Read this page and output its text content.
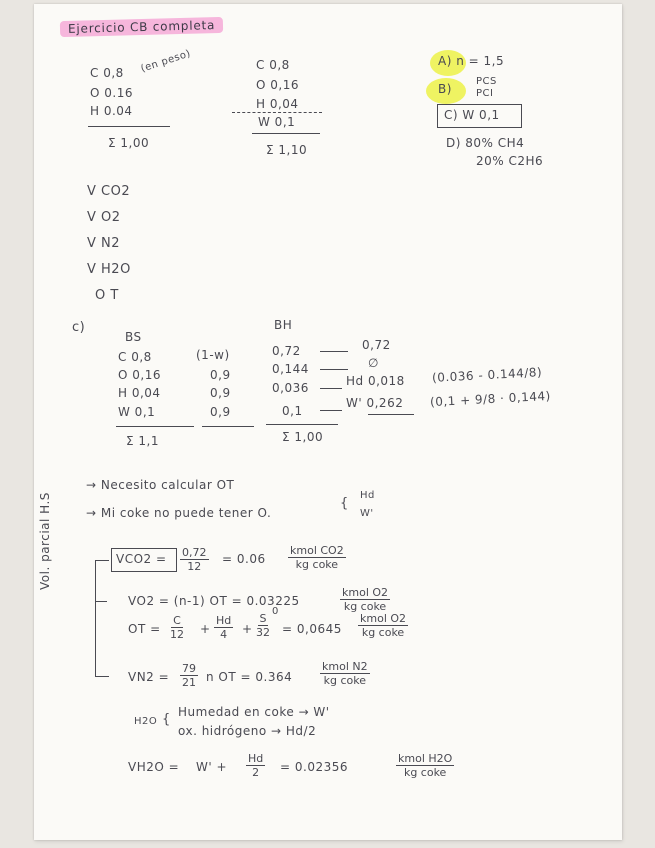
Ejercicio CB completa
C 0,8 (en peso)
O 0.16
H 0.04
Σ 1,00
C 0,8
O 0,16
H 0,04
W 0,1
Σ 1,10
A) n = 1,5
B)
PCS
PCI
C) W 0,1
D) 80% CH4
20% C2H6
V CO2
V O2
V N2
V H2O
O T
c)
BS
BH
C 0,8
O 0,16
H 0,04
W 0,1
Σ 1,1
(1-w)
0,9
0,9
0,9
0,72
0,144
0,036
0,1
Σ 1,00
0,72
∅
Hd 0,018
W' 0,262
(0.036 - 0.144/8)
(0,1 + 9/8 · 0,144)
→ Necesito calcular OT
→ Mi coke no puede tener O.
{
Hd
W'
Vol. parcial H.S	$VCO2 = \frac{0,72}{12} = 0.06$
kmol CO2
kg coke
VO2 = (n-1) OT = 0.03225
kmol O2
kg coke
OT = $\frac{C}{12} + \frac{Hd}{4} + \frac{S}{32}$
0
= 0,0645
kmol O2
kg coke
$VN2 = \frac{79}{21}$ n OT = 0.364
kmol N2
kg coke
H2O { Humedad en coke → W'
ox. hidrógeno → Hd/2
$VH2O = W' + \frac{Hd}{2} = 0.02356$
kmol H2O
kg coke
